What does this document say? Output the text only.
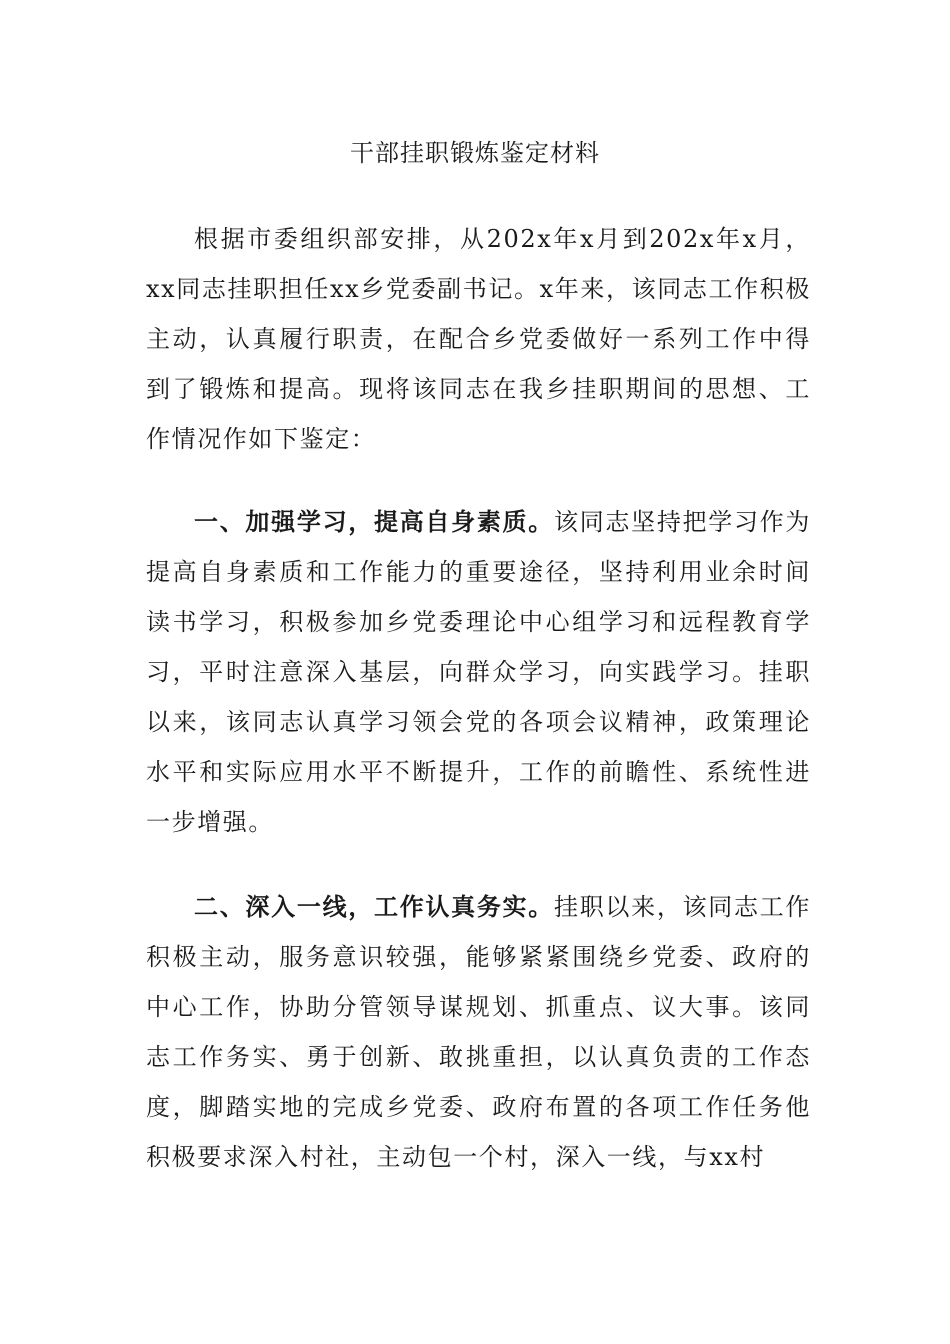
干部挂职锻炼鉴定材料

根据市委组织部安排，从202x年x月到202x年x月，xx同志挂职担任xx乡党委副书记。x年来，该同志工作积极主动，认真履行职责，在配合乡党委做好一系列工作中得到了锻炼和提高。现将该同志在我乡挂职期间的思想、工作情况作如下鉴定：

一、加强学习，提高自身素质。该同志坚持把学习作为提高自身素质和工作能力的重要途径，坚持利用业余时间读书学习，积极参加乡党委理论中心组学习和远程教育学习，平时注意深入基层，向群众学习，向实践学习。挂职以来，该同志认真学习领会党的各项会议精神，政策理论水平和实际应用水平不断提升，工作的前瞻性、系统性进一步增强。

二、深入一线，工作认真务实。挂职以来，该同志工作积极主动，服务意识较强，能够紧紧围绕乡党委、政府的中心工作，协助分管领导谋规划、抓重点、议大事。该同志工作务实、勇于创新、敢挑重担，以认真负责的工作态度，脚踏实地的完成乡党委、政府布置的各项工作任务他积极要求深入村社，主动包一个村，深入一线，与xx村
